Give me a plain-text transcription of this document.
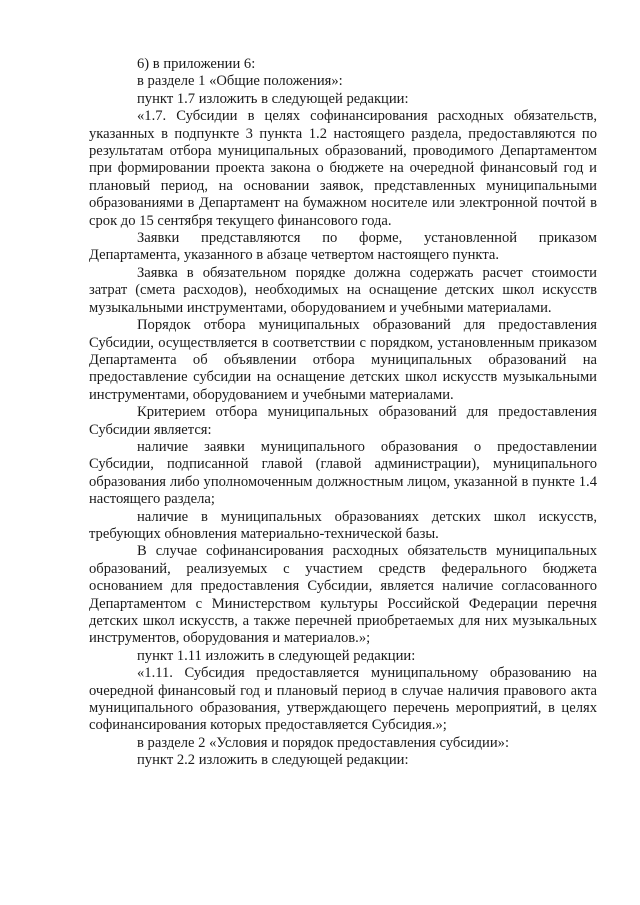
6) в приложении 6:

в разделе 1 «Общие положения»:

пункт 1.7 изложить в следующей редакции:

«1.7. Субсидии в целях софинансирования расходных обязательств, указанных в подпункте 3 пункта 1.2 настоящего раздела, предоставляются по результатам отбора муниципальных образований, проводимого Департаментом при формировании проекта закона о бюджете на очередной финансовый год и плановый период, на основании заявок, представленных муниципальными образованиями в Департамент на бумажном носителе или электронной почтой в срок до 15 сентября текущего финансового года.

Заявки представляются по форме, установленной приказом Департамента, указанного в абзаце четвертом настоящего пункта.

Заявка в обязательном порядке должна содержать расчет стоимости затрат (смета расходов), необходимых на оснащение детских школ искусств музыкальными инструментами, оборудованием и учебными материалами.

Порядок отбора муниципальных образований для предоставления Субсидии, осуществляется в соответствии с порядком, установленным приказом Департамента об объявлении отбора муниципальных образований на предоставление субсидии на оснащение детских школ искусств музыкальными инструментами, оборудованием и учебными материалами.

Критерием отбора муниципальных образований для предоставления Субсидии является:

наличие заявки муниципального образования о предоставлении Субсидии, подписанной главой (главой администрации), муниципального образования либо уполномоченным должностным лицом, указанной в пункте 1.4 настоящего раздела;

наличие в муниципальных образованиях детских школ искусств, требующих обновления материально-технической базы.

В случае софинансирования расходных обязательств муниципальных образований, реализуемых с участием средств федерального бюджета основанием для предоставления Субсидии, является наличие согласованного Департаментом с Министерством культуры Российской Федерации перечня детских школ искусств, а также перечней приобретаемых для них музыкальных инструментов, оборудования и материалов.»;

пункт 1.11 изложить в следующей редакции:

«1.11. Субсидия предоставляется муниципальному образованию на очередной финансовый год и плановый период в случае наличия правового акта муниципального образования, утверждающего перечень мероприятий, в целях софинансирования которых предоставляется Субсидия.»;

в разделе 2 «Условия и порядок предоставления субсидии»:

пункт 2.2 изложить в следующей редакции:
